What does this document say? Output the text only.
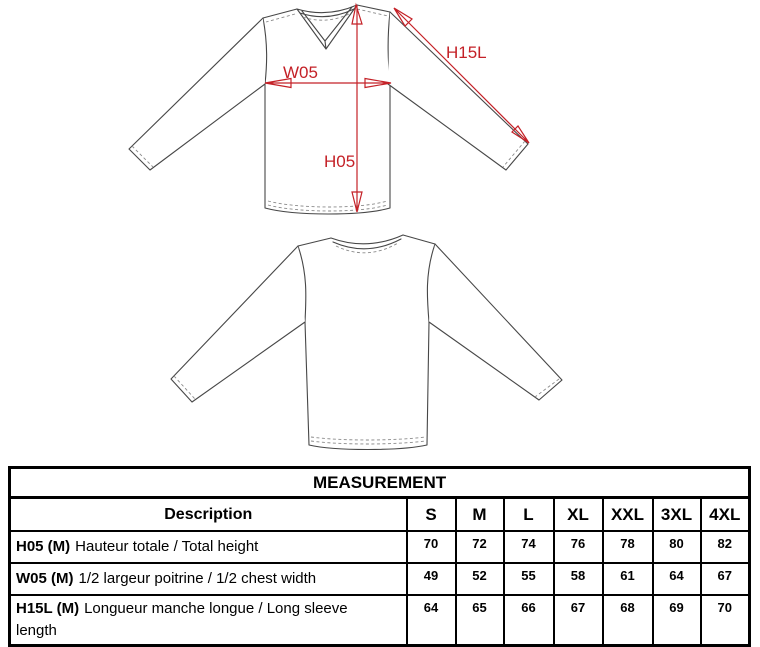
W05
H05
H15L
MEASUREMENT							
Description	S	M	L	XL	XXL	3XL	4XL
H05 (M) Hauteur totale / Total height	70	72	74	76	78	80	82
W05 (M) 1/2 largeur poitrine / 1/2 chest width	49	52	55	58	61	64	67
H15L (M) Longueur manche longue / Long sleeve length	64	65	66	67	68	69	70
